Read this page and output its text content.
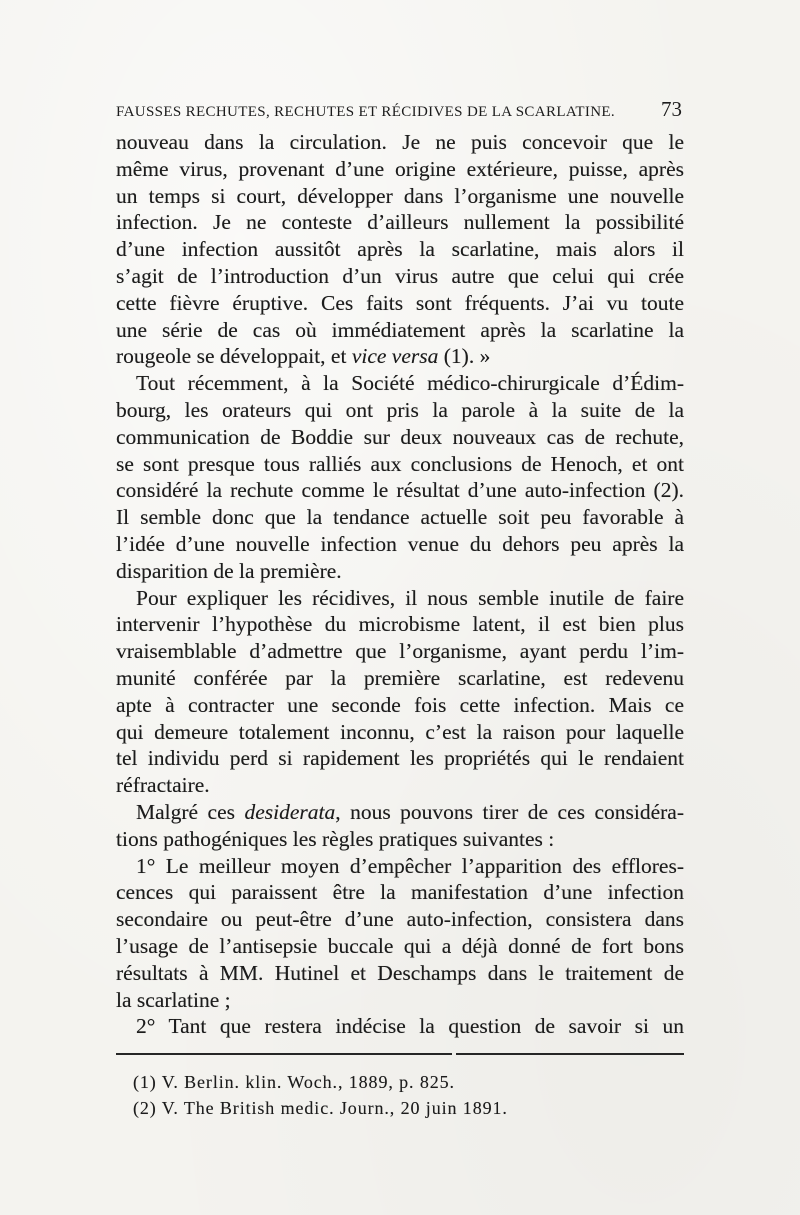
FAUSSES RECHUTES, RECHUTES ET RÉCIDIVES DE LA SCARLATINE. 73
nouveau dans la circulation. Je ne puis concevoir que le
même virus, provenant d’une origine extérieure, puisse, après
un temps si court, développer dans l’organisme une nouvelle
infection. Je ne conteste d’ailleurs nullement la possibilité
d’une infection aussitôt après la scarlatine, mais alors il
s’agit de l’introduction d’un virus autre que celui qui crée
cette fièvre éruptive. Ces faits sont fréquents. J’ai vu toute
une série de cas où immédiatement après la scarlatine la
rougeole se développait, et vice versa (1). »
Tout récemment, à la Société médico-chirurgicale d’Édim-
bourg, les orateurs qui ont pris la parole à la suite de la
communication de Boddie sur deux nouveaux cas de rechute,
se sont presque tous ralliés aux conclusions de Henoch, et ont
considéré la rechute comme le résultat d’une auto-infection (2).
Il semble donc que la tendance actuelle soit peu favorable à
l’idée d’une nouvelle infection venue du dehors peu après la
disparition de la première.
Pour expliquer les récidives, il nous semble inutile de faire
intervenir l’hypothèse du microbisme latent, il est bien plus
vraisemblable d’admettre que l’organisme, ayant perdu l’im-
munité conférée par la première scarlatine, est redevenu
apte à contracter une seconde fois cette infection. Mais ce
qui demeure totalement inconnu, c’est la raison pour laquelle
tel individu perd si rapidement les propriétés qui le rendaient
réfractaire.
Malgré ces desiderata, nous pouvons tirer de ces considéra-
tions pathogéniques les règles pratiques suivantes :
1° Le meilleur moyen d’empêcher l’apparition des efflores-
cences qui paraissent être la manifestation d’une infection
secondaire ou peut-être d’une auto-infection, consistera dans
l’usage de l’antisepsie buccale qui a déjà donné de fort bons
résultats à MM. Hutinel et Deschamps dans le traitement de
la scarlatine ;
2° Tant que restera indécise la question de savoir si un
(1) V. Berlin. klin. Woch., 1889, p. 825.
(2) V. The British medic. Journ., 20 juin 1891.
